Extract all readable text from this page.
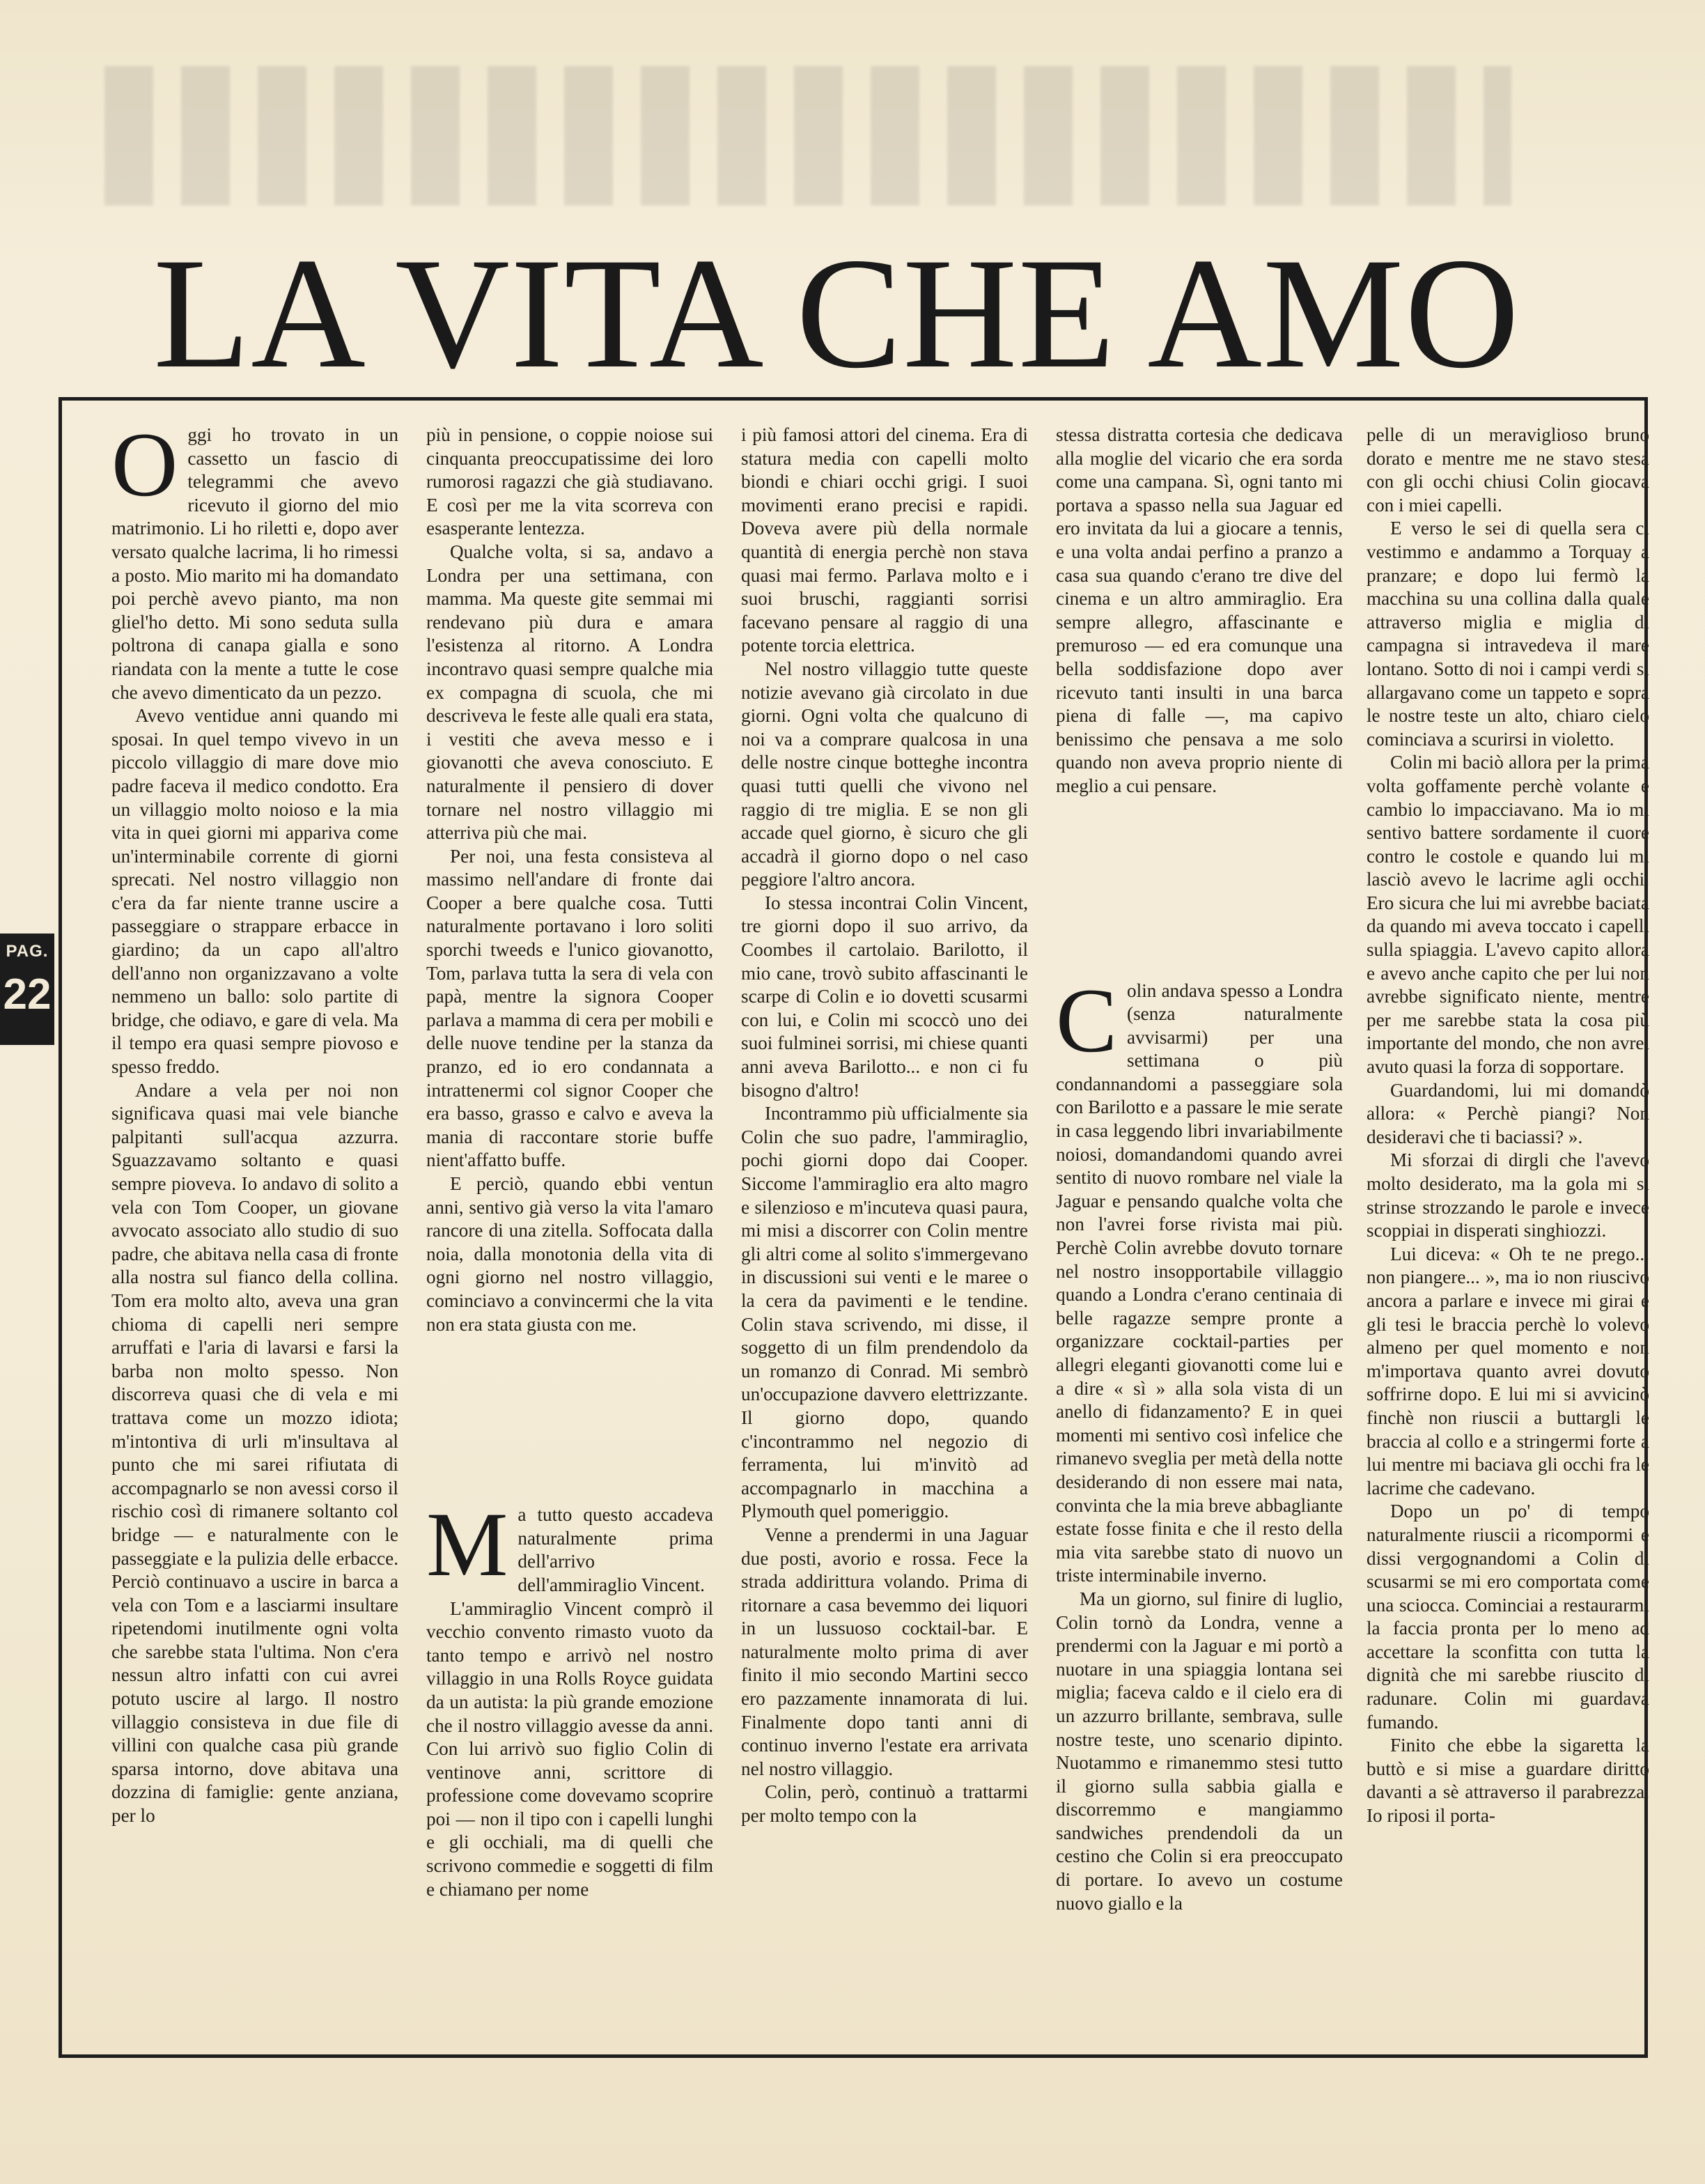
LA VITA CHE AMO
PAG.
22

Oggi ho trovato in un cassetto un fascio di telegrammi che avevo ricevuto il giorno del mio matrimonio. Li ho riletti e, dopo aver versato qualche lacrima, li ho rimessi a posto. Mio marito mi ha domandato poi perchè avevo pianto, ma non gliel'ho detto. Mi sono seduta sulla poltrona di canapa gialla e sono riandata con la mente a tutte le cose che avevo dimenticato da un pezzo.

Avevo ventidue anni quando mi sposai. In quel tempo vivevo in un piccolo villaggio di mare dove mio padre faceva il medico condotto. Era un villaggio molto noioso e la mia vita in quei giorni mi appariva come un'interminabile corrente di giorni sprecati. Nel nostro villaggio non c'era da far niente tranne uscire a passeggiare o strappare erbacce in giardino; da un capo all'altro dell'anno non organizzavano a volte nemmeno un ballo: solo partite di bridge, che odiavo, e gare di vela. Ma il tempo era quasi sempre piovoso e spesso freddo.

Andare a vela per noi non significava quasi mai vele bianche palpitanti sull'acqua azzurra. Sguazzavamo soltanto e quasi sempre pioveva. Io andavo di solito a vela con Tom Cooper, un giovane avvocato associato allo studio di suo padre, che abitava nella casa di fronte alla nostra sul fianco della collina. Tom era molto alto, aveva una gran chioma di capelli neri sempre arruffati e l'aria di lavarsi e farsi la barba non molto spesso. Non discorreva quasi che di vela e mi trattava come un mozzo idiota; m'intontiva di urli m'insultava al punto che mi sarei rifiutata di accompagnarlo se non avessi corso il rischio così di rimanere soltanto col bridge — e naturalmente con le passeggiate e la pulizia delle erbacce. Perciò continuavo a uscire in barca a vela con Tom e a lasciarmi insultare ripetendomi inutilmente ogni volta che sarebbe stata l'ultima. Non c'era nessun altro infatti con cui avrei potuto uscire al largo. Il nostro villaggio consisteva in due file di villini con qualche casa più grande sparsa intorno, dove abitava una dozzina di famiglie: gente anziana, per lo

più in pensione, o coppie noiose sui cinquanta preoccupatissime dei loro rumorosi ragazzi che già studiavano. E così per me la vita scorreva con esasperante lentezza.

Qualche volta, si sa, andavo a Londra per una settimana, con mamma. Ma queste gite semmai mi rendevano più dura e amara l'esistenza al ritorno. A Londra incontravo quasi sempre qualche mia ex compagna di scuola, che mi descriveva le feste alle quali era stata, i vestiti che aveva messo e i giovanotti che aveva conosciuto. E naturalmente il pensiero di dover tornare nel nostro villaggio mi atterriva più che mai.

Per noi, una festa consisteva al massimo nell'andare di fronte dai Cooper a bere qualche cosa. Tutti naturalmente portavano i loro soliti sporchi tweeds e l'unico giovanotto, Tom, parlava tutta la sera di vela con papà, mentre la signora Cooper parlava a mamma di cera per mobili e delle nuove tendine per la stanza da pranzo, ed io ero condannata a intrattenermi col signor Cooper che era basso, grasso e calvo e aveva la mania di raccontare storie buffe nient'affatto buffe.

E perciò, quando ebbi ventun anni, sentivo già verso la vita l'amaro rancore di una zitella. Soffocata dalla noia, dalla monotonia della vita di ogni giorno nel nostro villaggio, cominciavo a convincermi che la vita non era stata giusta con me.

Ma tutto questo accadeva naturalmente prima dell'arrivo dell'ammiraglio Vincent.

L'ammiraglio Vincent comprò il vecchio convento rimasto vuoto da tanto tempo e arrivò nel nostro villaggio in una Rolls Royce guidata da un autista: la più grande emozione che il nostro villaggio avesse da anni. Con lui arrivò suo figlio Colin di ventinove anni, scrittore di professione come dovevamo scoprire poi — non il tipo con i capelli lunghi e gli occhiali, ma di quelli che scrivono commedie e soggetti di film e chiamano per nome

i più famosi attori del cinema. Era di statura media con capelli molto biondi e chiari occhi grigi. I suoi movimenti erano precisi e rapidi. Doveva avere più della normale quantità di energia perchè non stava quasi mai fermo. Parlava molto e i suoi bruschi, raggianti sorrisi facevano pensare al raggio di una potente torcia elettrica.

Nel nostro villaggio tutte queste notizie avevano già circolato in due giorni. Ogni volta che qualcuno di noi va a comprare qualcosa in una delle nostre cinque botteghe incontra quasi tutti quelli che vivono nel raggio di tre miglia. E se non gli accade quel giorno, è sicuro che gli accadrà il giorno dopo o nel caso peggiore l'altro ancora.

Io stessa incontrai Colin Vincent, tre giorni dopo il suo arrivo, da Coombes il cartolaio. Barilotto, il mio cane, trovò subito affascinanti le scarpe di Colin e io dovetti scusarmi con lui, e Colin mi scoccò uno dei suoi fulminei sorrisi, mi chiese quanti anni aveva Barilotto... e non ci fu bisogno d'altro!

Incontrammo più ufficialmente sia Colin che suo padre, l'ammiraglio, pochi giorni dopo dai Cooper. Siccome l'ammiraglio era alto magro e silenzioso e m'incuteva quasi paura, mi misi a discorrer con Colin mentre gli altri come al solito s'immergevano in discussioni sui venti e le maree o la cera da pavimenti e le tendine. Colin stava scrivendo, mi disse, il soggetto di un film prendendolo da un romanzo di Conrad. Mi sembrò un'occupazione davvero elettrizzante. Il giorno dopo, quando c'incontrammo nel negozio di ferramenta, lui m'invitò ad accompagnarlo in macchina a Plymouth quel pomeriggio.

Venne a prendermi in una Jaguar due posti, avorio e rossa. Fece la strada addirittura volando. Prima di ritornare a casa bevemmo dei liquori in un lussuoso cocktail-bar. E naturalmente molto prima di aver finito il mio secondo Martini secco ero pazzamente innamorata di lui. Finalmente dopo tanti anni di continuo inverno l'estate era arrivata nel nostro villaggio.

Colin, però, continuò a trattarmi per molto tempo con la

stessa distratta cortesia che dedicava alla moglie del vicario che era sorda come una campana. Sì, ogni tanto mi portava a spasso nella sua Jaguar ed ero invitata da lui a giocare a tennis, e una volta andai perfino a pranzo a casa sua quando c'erano tre dive del cinema e un altro ammiraglio. Era sempre allegro, affascinante e premuroso — ed era comunque una bella soddisfazione dopo aver ricevuto tanti insulti in una barca piena di falle —, ma capivo benissimo che pensava a me solo quando non aveva proprio niente di meglio a cui pensare.

Colin andava spesso a Londra (senza naturalmente avvisarmi) per una settimana o più condannandomi a passeggiare sola con Barilotto e a passare le mie serate in casa leggendo libri invariabilmente noiosi, domandandomi quando avrei sentito di nuovo rombare nel viale la Jaguar e pensando qualche volta che non l'avrei forse rivista mai più. Perchè Colin avrebbe dovuto tornare nel nostro insopportabile villaggio quando a Londra c'erano centinaia di belle ragazze sempre pronte a organizzare cocktail-parties per allegri eleganti giovanotti come lui e a dire « sì » alla sola vista di un anello di fidanzamento? E in quei momenti mi sentivo così infelice che rimanevo sveglia per metà della notte desiderando di non essere mai nata, convinta che la mia breve abbagliante estate fosse finita e che il resto della mia vita sarebbe stato di nuovo un triste interminabile inverno.

Ma un giorno, sul finire di luglio, Colin tornò da Londra, venne a prendermi con la Jaguar e mi portò a nuotare in una spiaggia lontana sei miglia; faceva caldo e il cielo era di un azzurro brillante, sembrava, sulle nostre teste, uno scenario dipinto. Nuotammo e rimanemmo stesi tutto il giorno sulla sabbia gialla e discorremmo e mangiammo sandwiches prendendoli da un cestino che Colin si era preoccupato di portare. Io avevo un costume nuovo giallo e la

pelle di un meraviglioso bruno dorato e mentre me ne stavo stesa con gli occhi chiusi Colin giocava con i miei capelli.

E verso le sei di quella sera ci vestimmo e andammo a Torquay a pranzare; e dopo lui fermò la macchina su una collina dalla quale attraverso miglia e miglia di campagna si intravedeva il mare lontano. Sotto di noi i campi verdi si allargavano come un tappeto e sopra le nostre teste un alto, chiaro cielo cominciava a scurirsi in violetto.

Colin mi baciò allora per la prima volta goffamente perchè volante e cambio lo impacciavano. Ma io mi sentivo battere sordamente il cuore contro le costole e quando lui mi lasciò avevo le lacrime agli occhi. Ero sicura che lui mi avrebbe baciata da quando mi aveva toccato i capelli sulla spiaggia. L'avevo capito allora e avevo anche capito che per lui non avrebbe significato niente, mentre per me sarebbe stata la cosa più importante del mondo, che non avrei avuto quasi la forza di sopportare.

Guardandomi, lui mi domandò allora: « Perchè piangi? Non desideravi che ti baciassi? ».

Mi sforzai di dirgli che l'avevo molto desiderato, ma la gola mi si strinse strozzando le parole e invece scoppiai in disperati singhiozzi.

Lui diceva: « Oh te ne prego... non piangere... », ma io non riuscivo ancora a parlare e invece mi girai e gli tesi le braccia perchè lo volevo almeno per quel momento e non m'importava quanto avrei dovuto soffrirne dopo. E lui mi si avvicinò finchè non riuscii a buttargli le braccia al collo e a stringermi forte a lui mentre mi baciava gli occhi fra le lacrime che cadevano.

Dopo un po' di tempo naturalmente riuscii a ricompormi e dissi vergognandomi a Colin di scusarmi se mi ero comportata come una sciocca. Cominciai a restaurarmi la faccia pronta per lo meno ad accettare la sconfitta con tutta la dignità che mi sarebbe riuscito di radunare. Colin mi guardava fumando.

Finito che ebbe la sigaretta la buttò e si mise a guardare diritto davanti a sè attraverso il parabrezza. Io riposi il porta-
